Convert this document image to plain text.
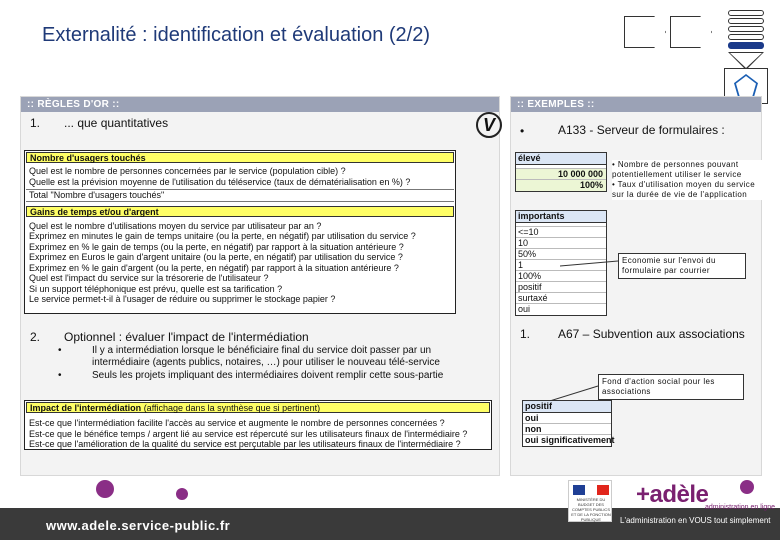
Externalité : identification et évaluation (2/2)
:: RÈGLES D'OR ::
1. ... que quantitatives	V
Nombre d'usagers touchés
Quel est le nombre de personnes concernées par le service (population cible) ?
Quelle est la prévision moyenne de l'utilisation du téléservice (taux de dématérialisation en %) ?
Total "Nombre d'usagers touchés"
Gains de temps et/ou d'argent
Quel est le nombre d'utilisations moyen du service par utilisateur par an ?
Exprimez en minutes le gain de temps unitaire (ou la perte, en négatif) par utilisation du service ?
Exprimez en % le gain de temps (ou la perte, en négatif) par rapport à la situation antérieure ?
Exprimez en Euros le gain d'argent unitaire (ou la perte, en négatif) par utilisation du service ?
Exprimez en % le gain d'argent (ou la perte, en négatif) par rapport à la situation antérieure ?
Quel est l'impact du service sur la trésorerie de l'utilisateur ?
Si un support téléphonique est prévu, quelle est sa tarification ?
Le service permet-t-il à l'usager de réduire ou supprimer le stockage papier ?
2. Optionnel : évaluer l'impact de l'intermédiation
•	Il y a intermédiation lorsque le bénéficiaire final du service doit passer par un intermédiaire (agents publics, notaires, …) pour utiliser le nouveau télé-service
•	Seuls les projets impliquant des intermédiaires doivent remplir cette sous-partie
Impact de l'intermédiation (affichage dans la synthèse que si pertinent)
Est-ce que l'intermédiation facilite l'accès au service et augmente le nombre de personnes concernées ?
Est-ce que le bénéfice temps / argent lié au service est répercuté sur les utilisateurs finaux de l'intermédiaire ?
Est-ce que l'amélioration de la qualité du service est perçutable par les utilisateurs finaux de l'intermédiaire ?
:: EXEMPLES ::
•	A133 - Serveur de formulaires :
élevé
10 000 000
100%
• Nombre de personnes pouvant potentiellement utiliser le service
• Taux d'utilisation moyen du service sur la durée de vie de l'application
importants
<=10
10
50%
1
100%
positif
surtaxé
oui
Economie sur l'envoi du formulaire par courrier
1. A67 – Subvention aux associations
Fond d'action social pour les associations
positif
oui
non
oui significativement
www.adele.service-public.fr
MINISTÈRE DU BUDGET DES COMPTES PUBLICS ET DE LA FONCTION PUBLIQUE
+adèle
administration en ligne
L'administration en VOUS tout simplement
